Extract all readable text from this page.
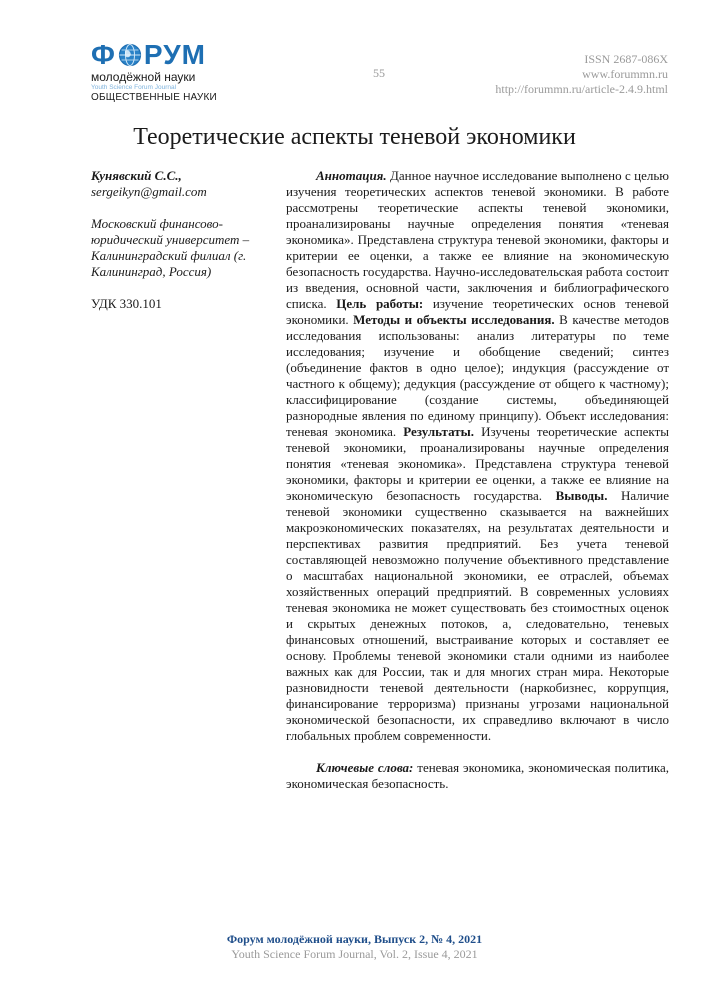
Ф РУМ
молодёжной науки
Youth Science Forum Journal
ОБЩЕСТВЕННЫЕ НАУКИ
55
ISSN 2687-086X
www.forummn.ru
http://forummn.ru/article-2.4.9.html
Теоретические аспекты теневой экономики
Кунявский С.С.,
sergeikyn@gmail.com
Московский финансово-юридический университет – Калининградский филиал (г. Калининград, Россия)
УДК 330.101

Аннотация. Данное научное исследование выполнено с целью изучения теоретических аспектов теневой экономики. В работе рассмотрены теоретические аспекты теневой экономики, проанализированы научные определения понятия «теневая экономика». Представлена структура теневой экономики, факторы и критерии ее оценки, а также ее влияние на экономическую безопасность государства. Научно-исследовательская работа состоит из введения, основной части, заключения и библиографического списка. Цель работы: изучение теоретических основ теневой экономики. Методы и объекты исследования. В качестве методов исследования использованы: анализ литературы по теме исследования; изучение и обобщение сведений; синтез (объединение фактов в одно целое); индукция (рассуждение от частного к общему); дедукция (рассуждение от общего к частному); классифицирование (создание системы, объединяющей разнородные явления по единому принципу). Объект исследования: теневая экономика. Результаты. Изучены теоретические аспекты теневой экономики, проанализированы научные определения понятия «теневая экономика». Представлена структура теневой экономики, факторы и критерии ее оценки, а также ее влияние на экономическую безопасность государства. Выводы. Наличие теневой экономики существенно сказывается на важнейших макроэкономических показателях, на результатах деятельности и перспективах развития предприятий. Без учета теневой составляющей невозможно получение объективного представление о масштабах национальной экономики, ее отраслей, объемах хозяйственных операций предприятий. В современных условиях теневая экономика не может существовать без стоимостных оценок и скрытых денежных потоков, а, следовательно, теневых финансовых отношений, выстраивание которых и составляет ее основу. Проблемы теневой экономики стали одними из наиболее важных как для России, так и для многих стран мира. Некоторые разновидности теневой деятельности (наркобизнес, коррупция, финансирование терроризма) признаны угрозами национальной экономической безопасности, их справедливо включают в число глобальных проблем современности.

Ключевые слова: теневая экономика, экономическая политика, экономическая безопасность.

Форум молодёжной науки, Выпуск 2, № 4, 2021
Youth Science Forum Journal, Vol. 2, Issue 4, 2021
